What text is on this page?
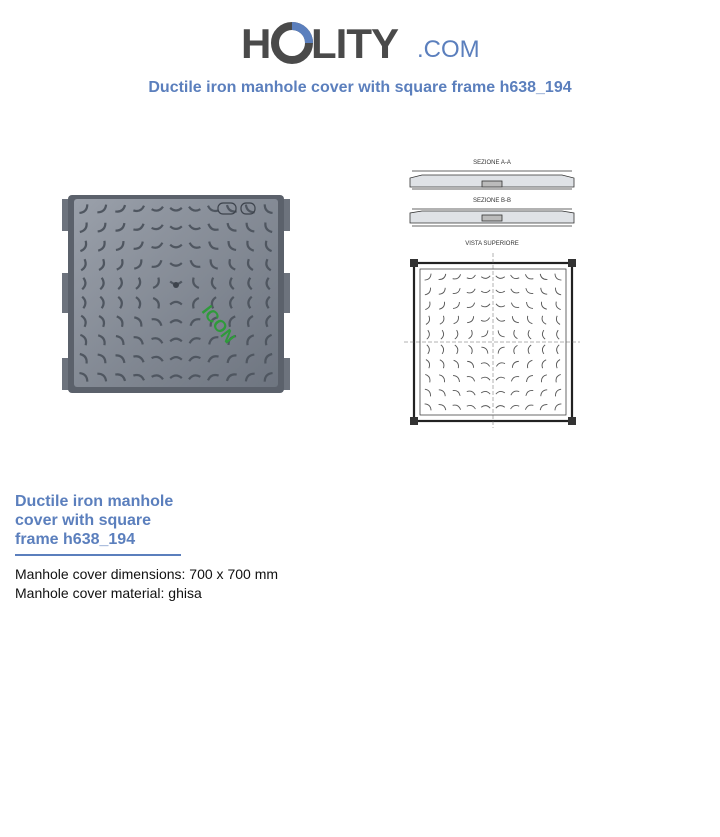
H LITY .COM
Ductile iron manhole cover with square frame h638_194
ICON
SEZIONE A-A
SEZIONE B-B
VISTA SUPERIORE
Ductile iron manhole cover with square frame h638_194
Manhole cover dimensions: 700 x 700 mm
Manhole cover material: ghisa
